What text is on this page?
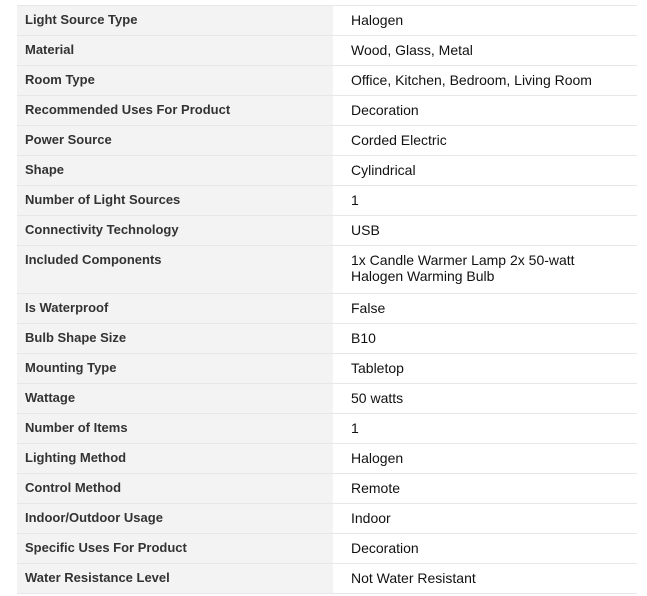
Light Source Type	Halogen
Material	Wood, Glass, Metal
Room Type	Office, Kitchen, Bedroom, Living Room
Recommended Uses For Product	Decoration
Power Source	Corded Electric
Shape	Cylindrical
Number of Light Sources	1
Connectivity Technology	USB
Included Components	1x Candle Warmer Lamp 2x 50-watt Halogen Warming Bulb
Is Waterproof	False
Bulb Shape Size	B10
Mounting Type	Tabletop
Wattage	50 watts
Number of Items	1
Lighting Method	Halogen
Control Method	Remote
Indoor/Outdoor Usage	Indoor
Specific Uses For Product	Decoration
Water Resistance Level	Not Water Resistant
